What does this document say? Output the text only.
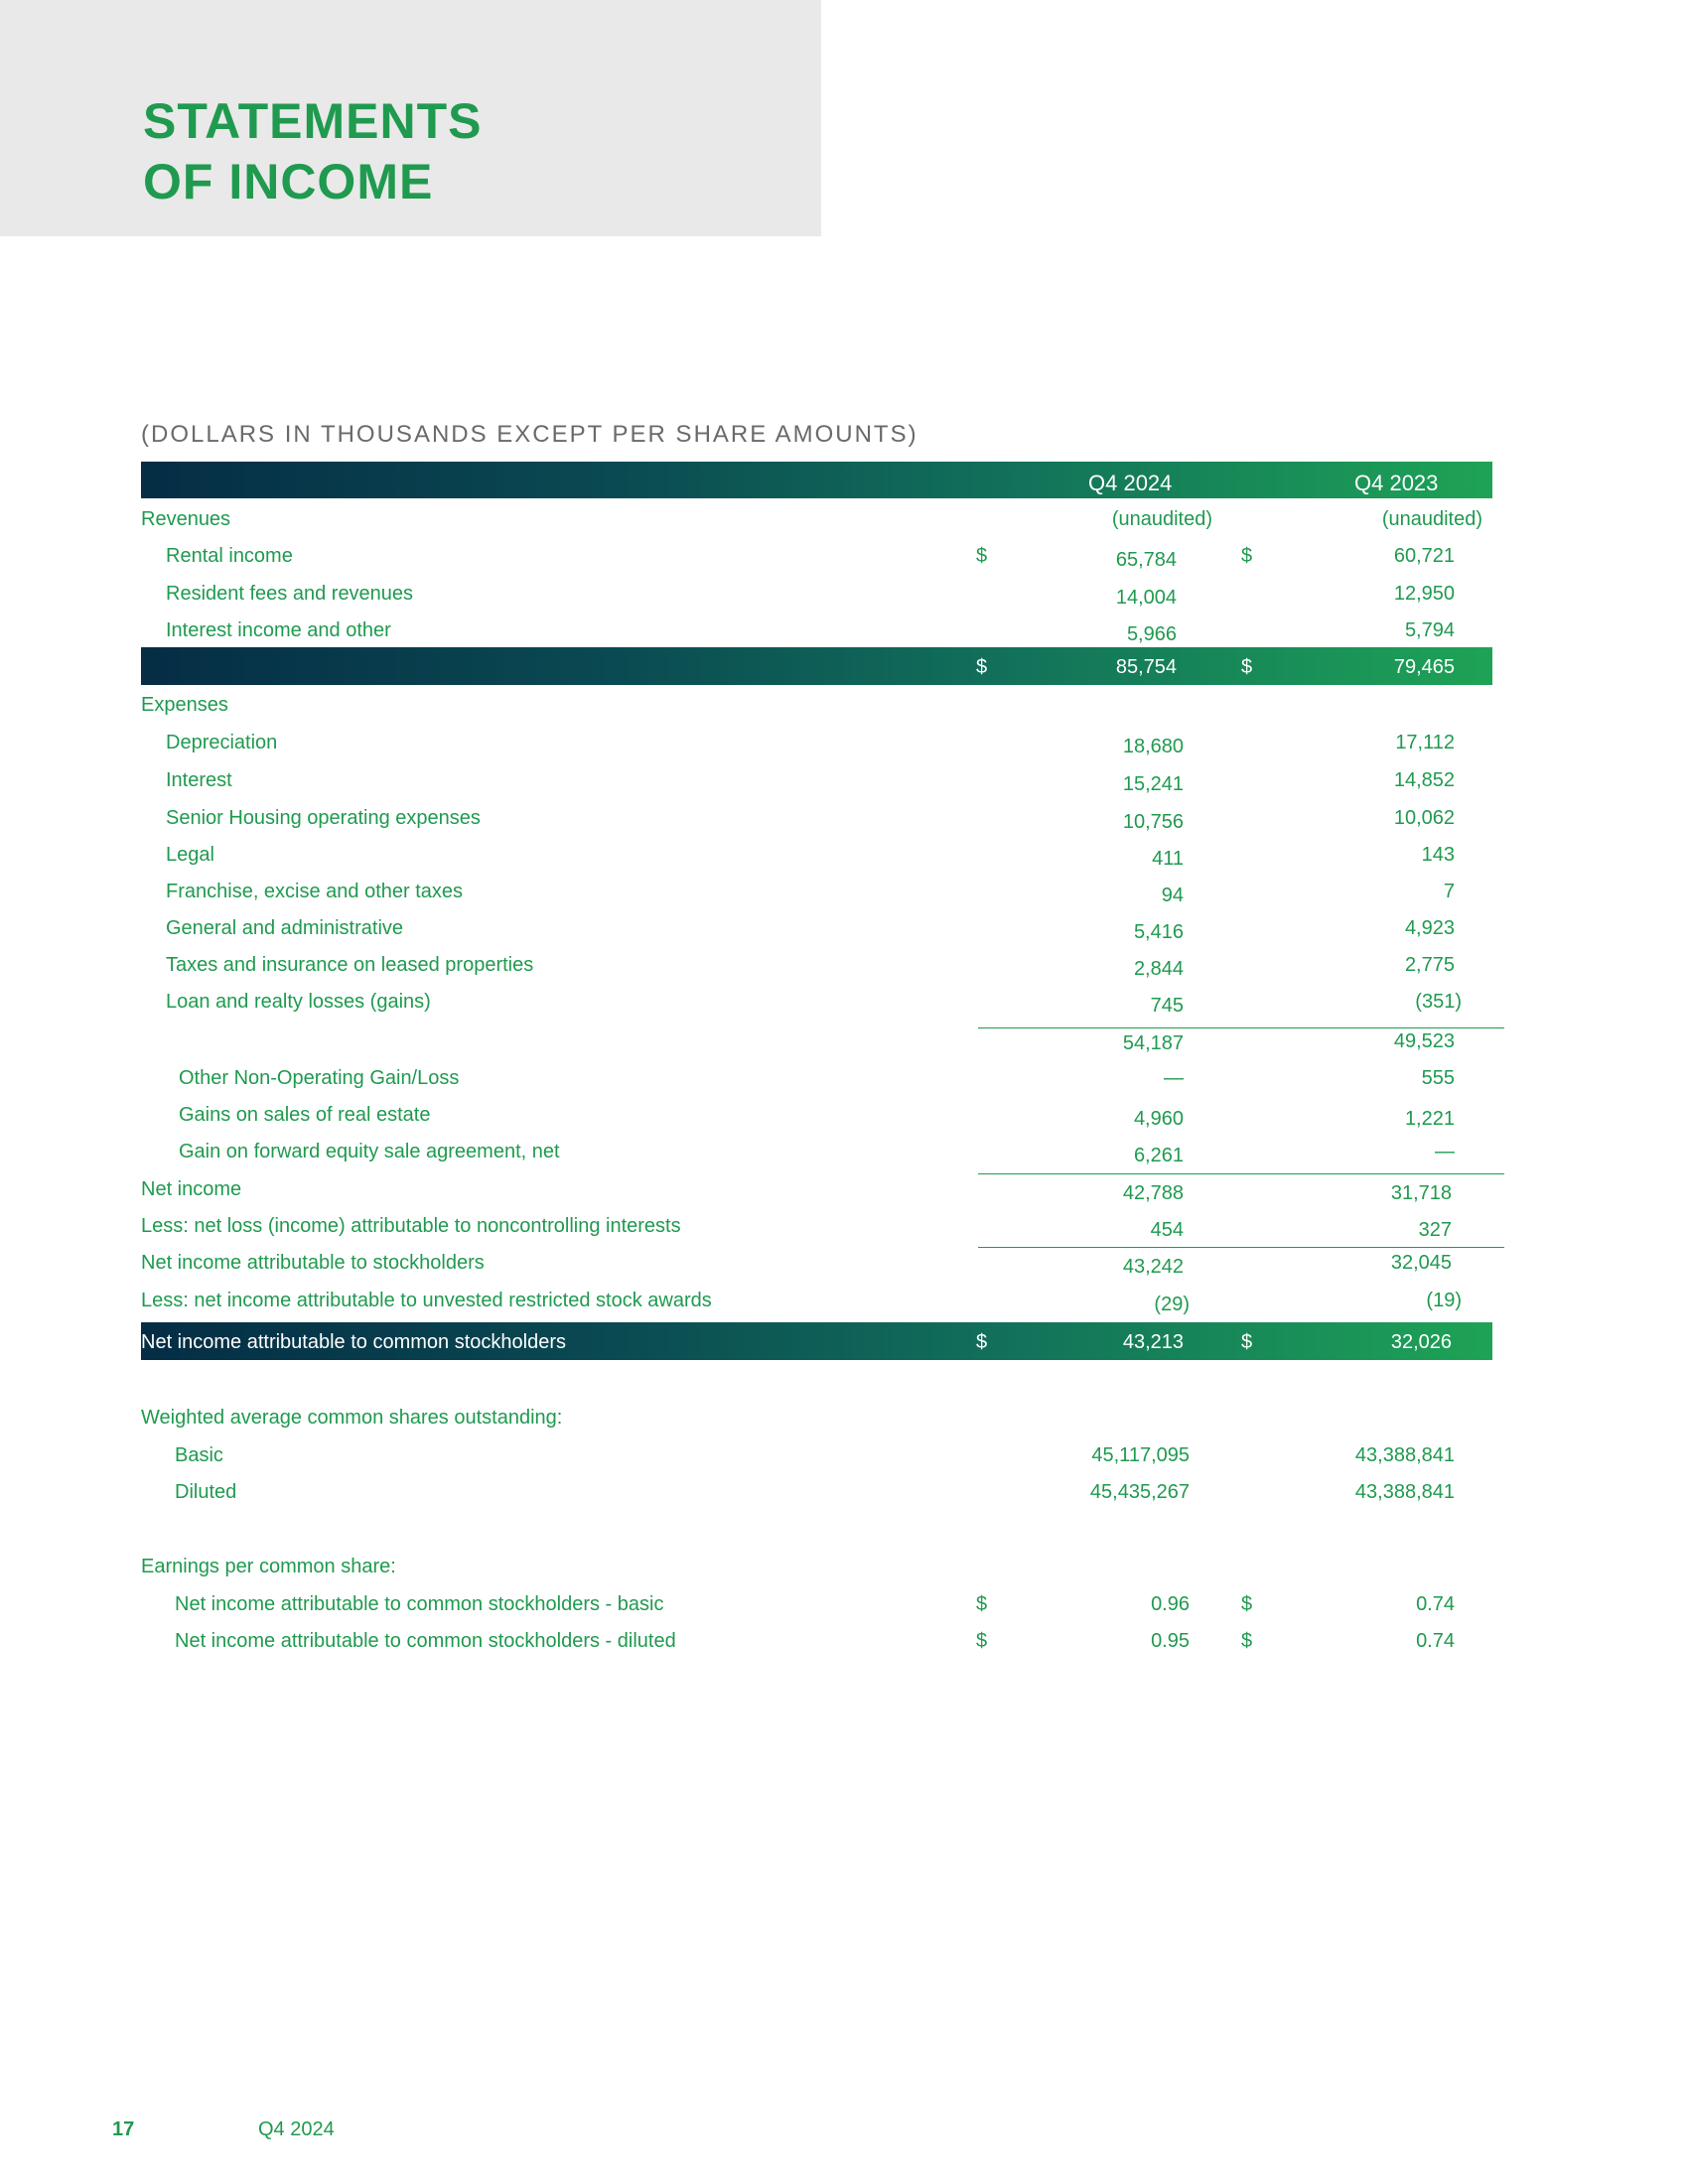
STATEMENTS
OF INCOME
(DOLLARS IN THOUSANDS EXCEPT PER SHARE AMOUNTS)
Q4 2024	Q4 2023
Revenues	(unaudited)	(unaudited)
Rental income	$	65,784	$	60,721
Resident fees and revenues	14,004	12,950
Interest income and other	5,966	5,794
$	85,754	$	79,465
Expenses
Depreciation	18,680	17,112
Interest	15,241	14,852
Senior Housing operating expenses	10,756	10,062
Legal	411	143
Franchise, excise and other taxes	94	7
General and administrative	5,416	4,923
Taxes and insurance on leased properties	2,844	2,775
Loan and realty losses (gains)	745	(351)
54,187	49,523
Other Non-Operating Gain/Loss	—	555
Gains on sales of real estate	4,960	1,221
Gain on forward equity sale agreement, net	6,261	—
Net income	42,788	31,718
Less: net loss (income) attributable to noncontrolling interests	454	327
Net income attributable to stockholders	43,242	32,045
Less: net income attributable to unvested restricted stock awards	(29)	(19)
Net income attributable to common stockholders	$	43,213	$	32,026
Weighted average common shares outstanding:
Basic	45,117,095	43,388,841
Diluted	45,435,267	43,388,841
Earnings per common share:
Net income attributable to common stockholders - basic	$	0.96	$	0.74
Net income attributable to common stockholders - diluted	$	0.95	$	0.74
17	Q4 2024
